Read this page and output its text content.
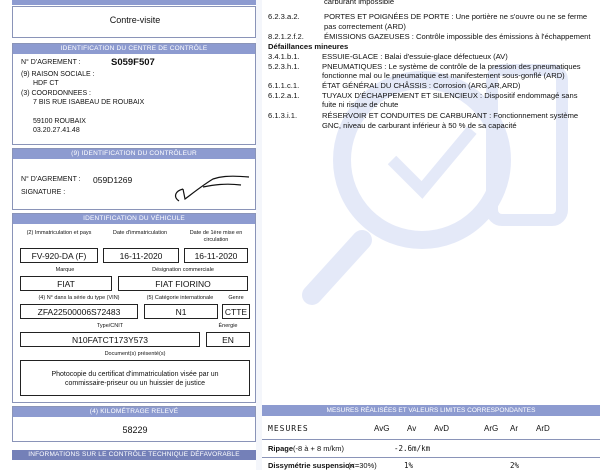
Contre-visite
IDENTIFICATION DU CENTRE DE CONTRÔLE
N° D'AGREMENT :	S059F507
(9) RAISON SOCIALE :
HDF CT
(3) COORDONNEES :
7 BIS RUE ISABEAU DE ROUBAIX
59100 ROUBAIX
03.20.27.41.48
(9) IDENTIFICATION DU CONTRÔLEUR
N° D'AGREMENT : 059D1269
SIGNATURE :
IDENTIFICATION DU VÉHICULE
(2) Immatriculation et pays	Date d'immatriculation	Date de 1ère mise en circulation
FV-920-DA (F)	16-11-2020	16-11-2020
Marque	Désignation commerciale
FIAT	FIAT FIORINO
(4) N° dans la série du type (VIN)	(5) Catégorie internationale	Genre
ZFA22500006S72483	N1	CTTE
Type/CNIT	Énergie
N10FATCT173Y573	EN
Document(s) présenté(s)
Photocopie du certificat d'immatriculation visée par un
commissaire-priseur ou un huissier de justice
(4) KILOMÉTRAGE RELEVÉ
58229
INFORMATIONS SUR LE CONTRÔLE TECHNIQUE DÉFAVORABLE
carburant impossible
6.2.3.a.2.	PORTES ET POIGNÉES DE PORTE : Une portière ne s'ouvre ou ne se ferme
pas correctement (ARD)
8.2.1.2.f.2.	ÉMISSIONS GAZEUSES : Contrôle impossible des émissions à l'échappement
Défaillances mineures
3.4.1.b.1.	ESSUIE-GLACE : Balai d'essuie-glace défectueux (AV)
5.2.3.h.1.	PNEUMATIQUES : Le système de contrôle de la pression des pneumatiques
fonctionne mal ou le pneumatique est manifestement sous-gonflé (ARD)
6.1.1.c.1.	ÉTAT GÉNÉRAL DU CHÂSSIS : Corrosion (ARG,AR,ARD)
6.1.2.a.1.	TUYAUX D'ÉCHAPPEMENT ET SILENCIEUX : Dispositif endommagé sans
fuite ni risque de chute
6.1.3.i.1.	RÉSERVOIR ET CONDUITES DE CARBURANT : Fonctionnement système
GNC, niveau de carburant inférieur à 50 % de sa capacité
MESURES RÉALISÉES ET VALEURS LIMITES CORRESPONDANTES
MESURES	AvG Av AvD	ArG Ar ArD
Ripage (-8 à + 8 m/km)	-2.6m/km
Dissymétrie suspension
(<=30%)	1%	2%
